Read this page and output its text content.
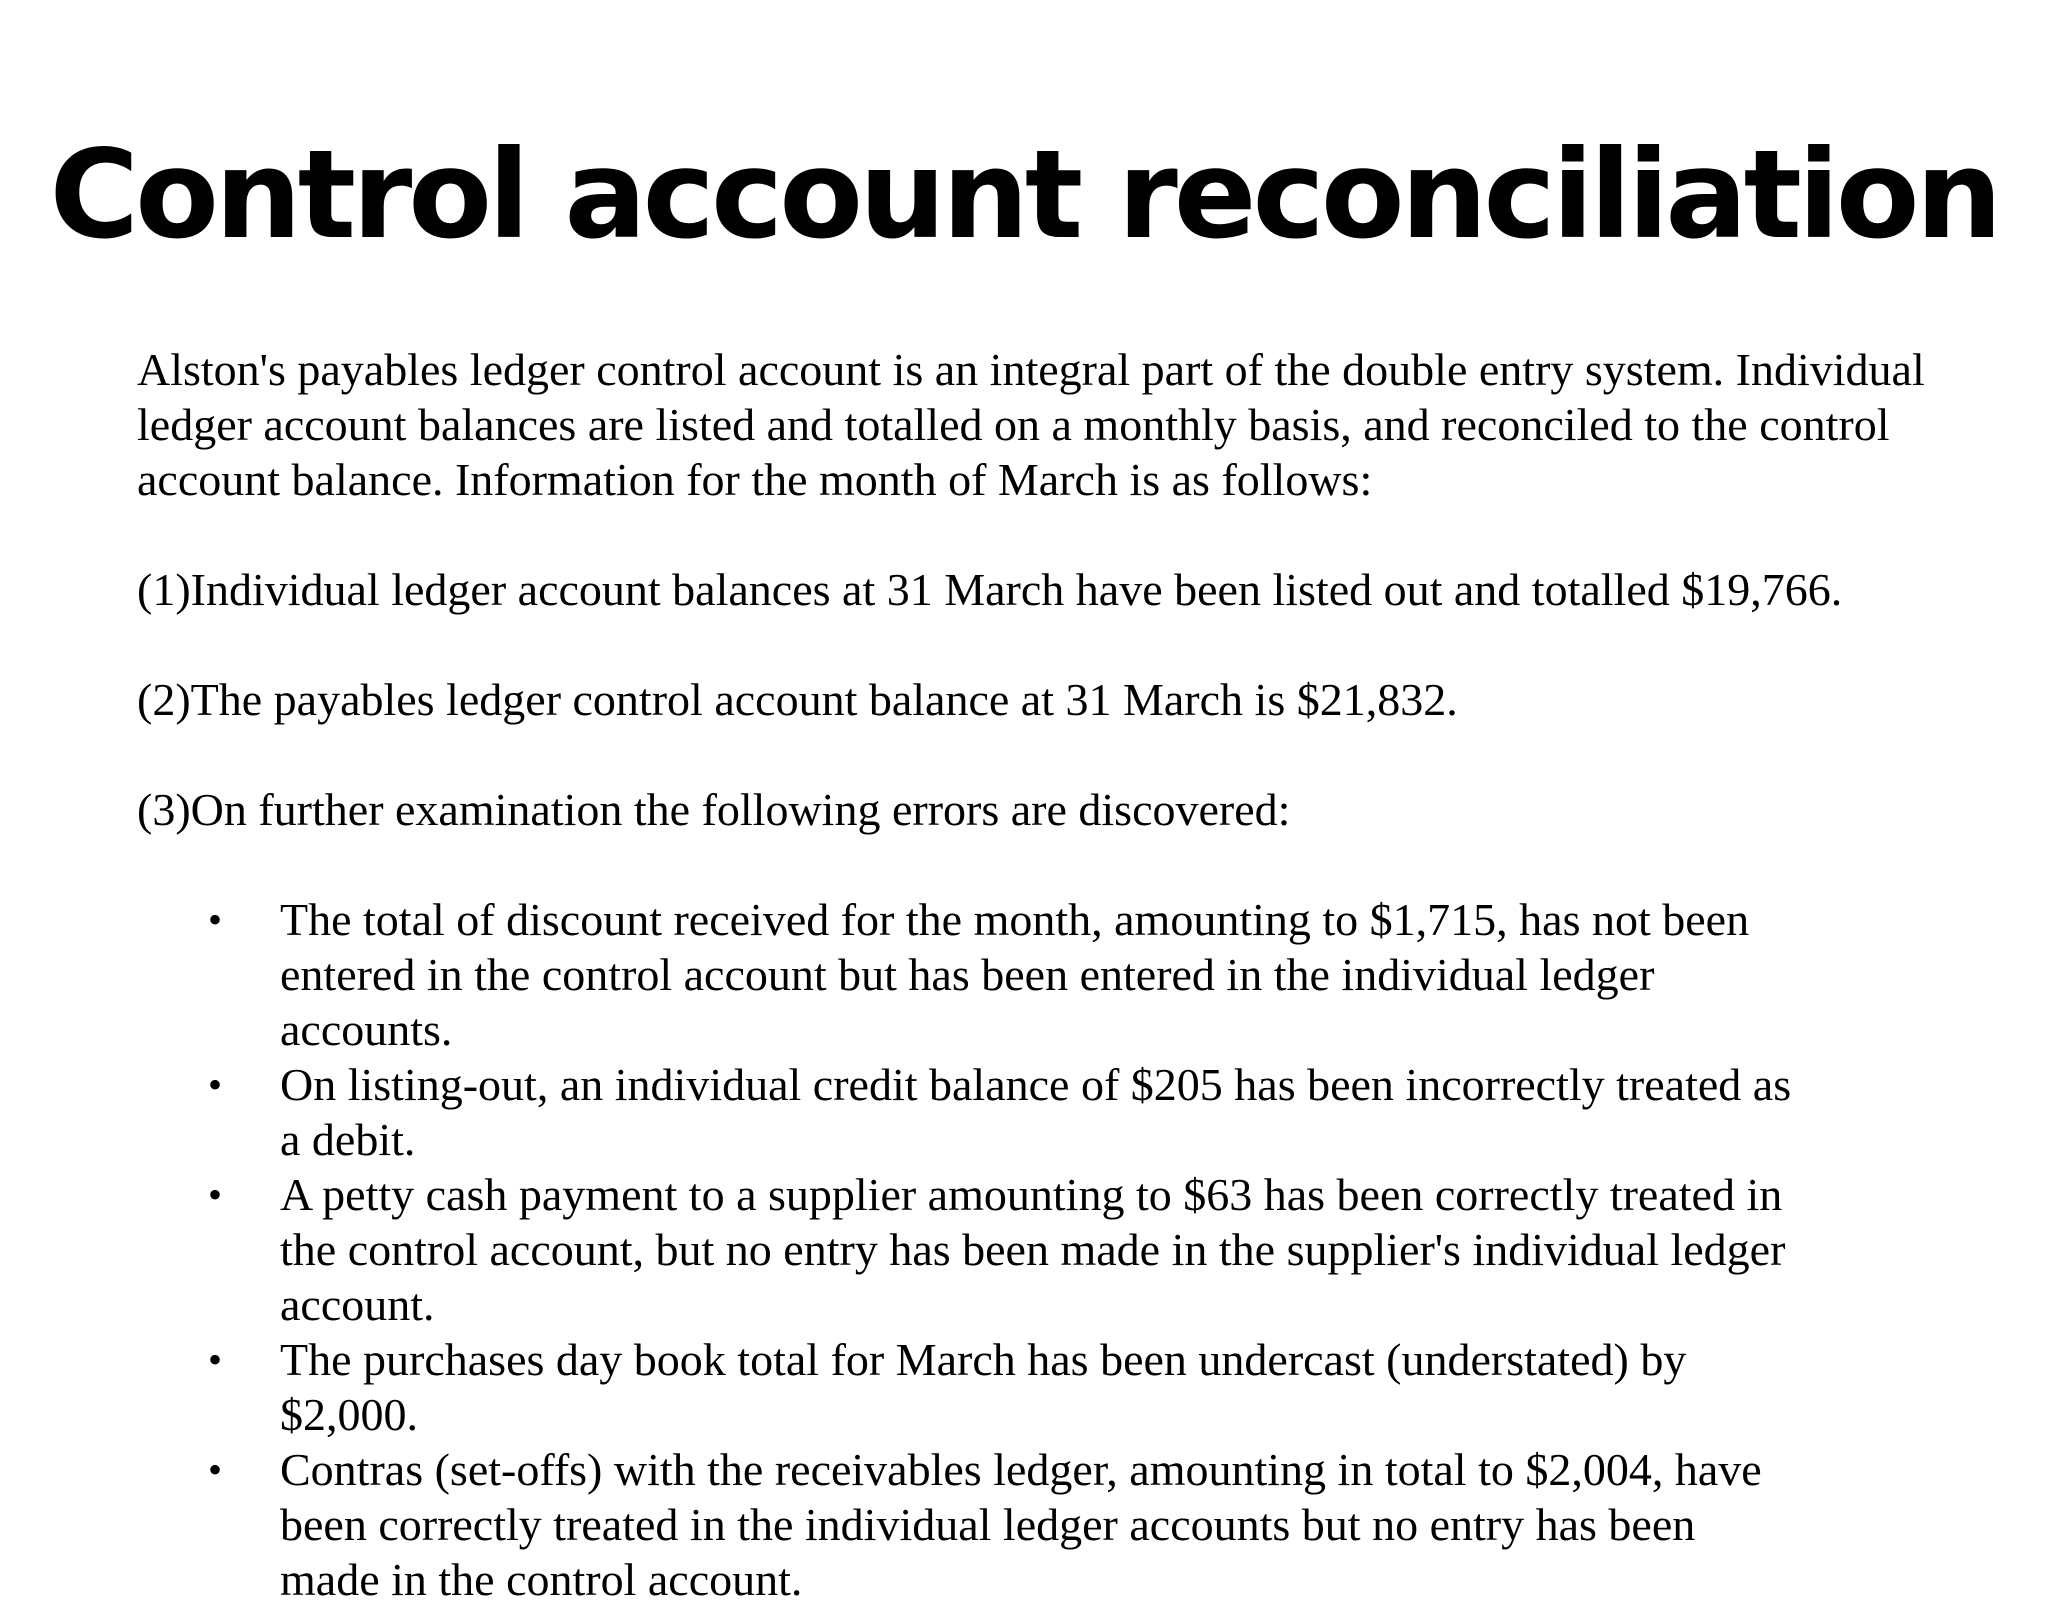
Control account reconciliation

Alston's payables ledger control account is an integral part of the double entry system. Individual ledger account balances are listed and totalled on a monthly basis, and reconciled to the control account balance. Information for the month of March is as follows:

(1)Individual ledger account balances at 31 March have been listed out and totalled $19,766.

(2)The payables ledger control account balance at 31 March is $21,832.

(3)On further examination the following errors are discovered:

• The total of discount received for the month, amounting to $1,715, has not been entered in the control account but has been entered in the individual ledger accounts.
• On listing-out, an individual credit balance of $205 has been incorrectly treated as a debit.
• A petty cash payment to a supplier amounting to $63 has been correctly treated in the control account, but no entry has been made in the supplier's individual ledger account.
• The purchases day book total for March has been undercast (understated) by $2,000.
• Contras (set-offs) with the receivables ledger, amounting in total to $2,004, have been correctly treated in the individual ledger accounts but no entry has been made in the control account.
